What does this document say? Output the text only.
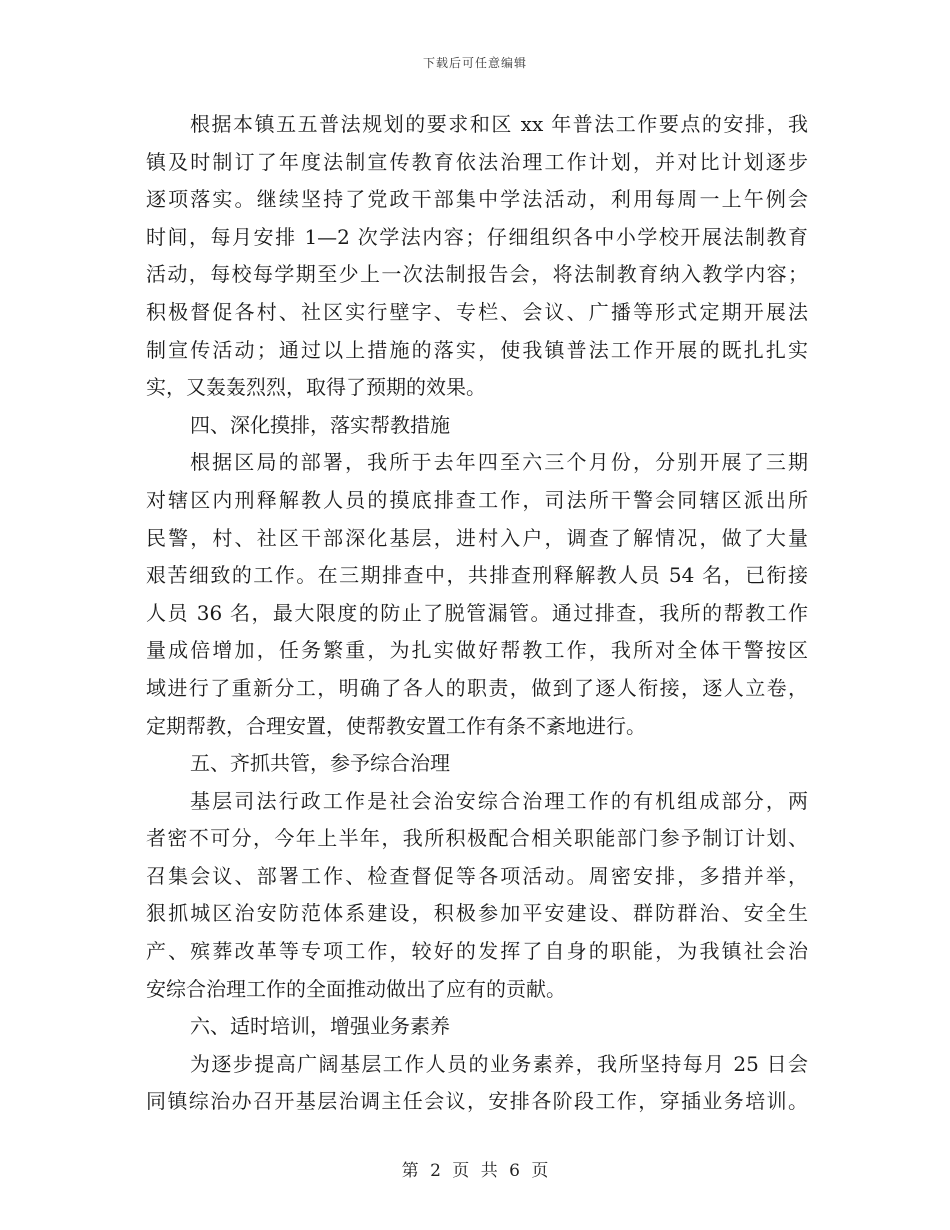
下载后可任意编辑
根据本镇五五普法规划的要求和区 xx 年普法工作要点的安排，我
镇及时制订了年度法制宣传教育依法治理工作计划，并对比计划逐步
逐项落实。继续坚持了党政干部集中学法活动，利用每周一上午例会
时间，每月安排 1—2 次学法内容；仔细组织各中小学校开展法制教育
活动，每校每学期至少上一次法制报告会，将法制教育纳入教学内容；
积极督促各村、社区实行壁字、专栏、会议、广播等形式定期开展法
制宣传活动；通过以上措施的落实，使我镇普法工作开展的既扎扎实
实，又轰轰烈烈，取得了预期的效果。
四、深化摸排，落实帮教措施
根据区局的部署，我所于去年四至六三个月份，分别开展了三期
对辖区内刑释解教人员的摸底排查工作，司法所干警会同辖区派出所
民警，村、社区干部深化基层，进村入户，调查了解情况，做了大量
艰苦细致的工作。在三期排查中，共排查刑释解教人员 54 名，已衔接
人员 36 名，最大限度的防止了脱管漏管。通过排查，我所的帮教工作
量成倍增加，任务繁重，为扎实做好帮教工作，我所对全体干警按区
域进行了重新分工，明确了各人的职责，做到了逐人衔接，逐人立卷，
定期帮教，合理安置，使帮教安置工作有条不紊地进行。
五、齐抓共管，参予综合治理
基层司法行政工作是社会治安综合治理工作的有机组成部分，两
者密不可分，今年上半年，我所积极配合相关职能部门参予制订计划、
召集会议、部署工作、检查督促等各项活动。周密安排，多措并举，
狠抓城区治安防范体系建设，积极参加平安建设、群防群治、安全生
产、殡葬改革等专项工作，较好的发挥了自身的职能，为我镇社会治
安综合治理工作的全面推动做出了应有的贡献。
六、适时培训，增强业务素养
为逐步提高广阔基层工作人员的业务素养，我所坚持每月 25 日会
同镇综治办召开基层治调主任会议，安排各阶段工作，穿插业务培训。
第 2 页 共 6 页
